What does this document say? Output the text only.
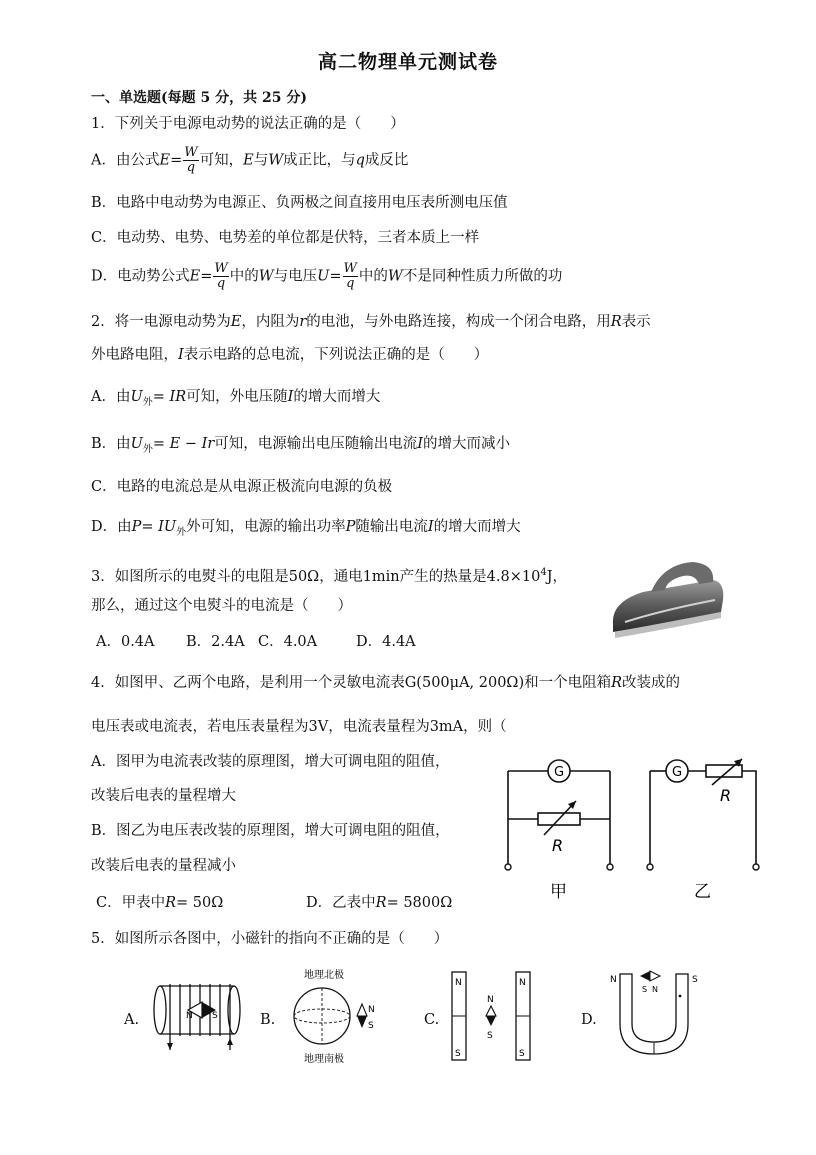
高二物理单元测试卷
一、单选题(每题 5 分，共 25 分)
1．下列关于电源电动势的说法正确的是（　　）
A．由公式$E= \frac{W}{q}$ 可知，E与W成正比，与q成反比
B．电路中电动势为电源正、负两极之间直接用电压表所测电压值
C．电动势、电势、电势差的单位都是伏特，三者本质上一样
D．电动势公式$E= \frac{W}{q}$ 中的W与电压$U= \frac{W}{q}$ 中的W不是同种性质力所做的功
2．将一电源电动势为E，内阻为r的电池，与外电路连接，构成一个闭合电路，用R表示
外电路电阻，I表示电路的总电流，下列说法正确的是（　　）
A．由$U_外=$ IR可知，外电压随I的增大而增大
B．由$U_外= E - Ir$可知，电源输出电压随输出电流I的增大而减小
C．电路的电流总是从电源正极流向电源的负极
D．由$P= IU_外$外可知，电源的输出功率P随输出电流I的增大而增大
3．如图所示的电熨斗的电阻是50Ω，通电1min产生的热量是$4.8\times 10^4J$，
那么，通过这个电熨斗的电流是（　　）
A．0.4A B．2.4A C．4.0A	D．4.4A
4．如图甲、乙两个电路，是利用一个灵敏电流表G(500μA, 200Ω)和一个电阻箱R改装成的
电压表或电流表，若电压表量程为3V，电流表量程为3mA，则（
A．图甲为电流表改装的原理图，增大可调电阻的阻值，
改装后电表的量程增大
B．图乙为电压表改装的原理图，增大可调电阻的阻值，
改装后电表的量程减小
C．甲表中R= 50Ω	D．乙表中R= 5800Ω
G
R
甲
G
R
乙
5．如图所示各图中，小磁针的指向不正确的是（　　）
A.	N S	B.
地理北极
地理南极
N
S	C.
N
S
N
S
N
S
D.
N	S
S N
